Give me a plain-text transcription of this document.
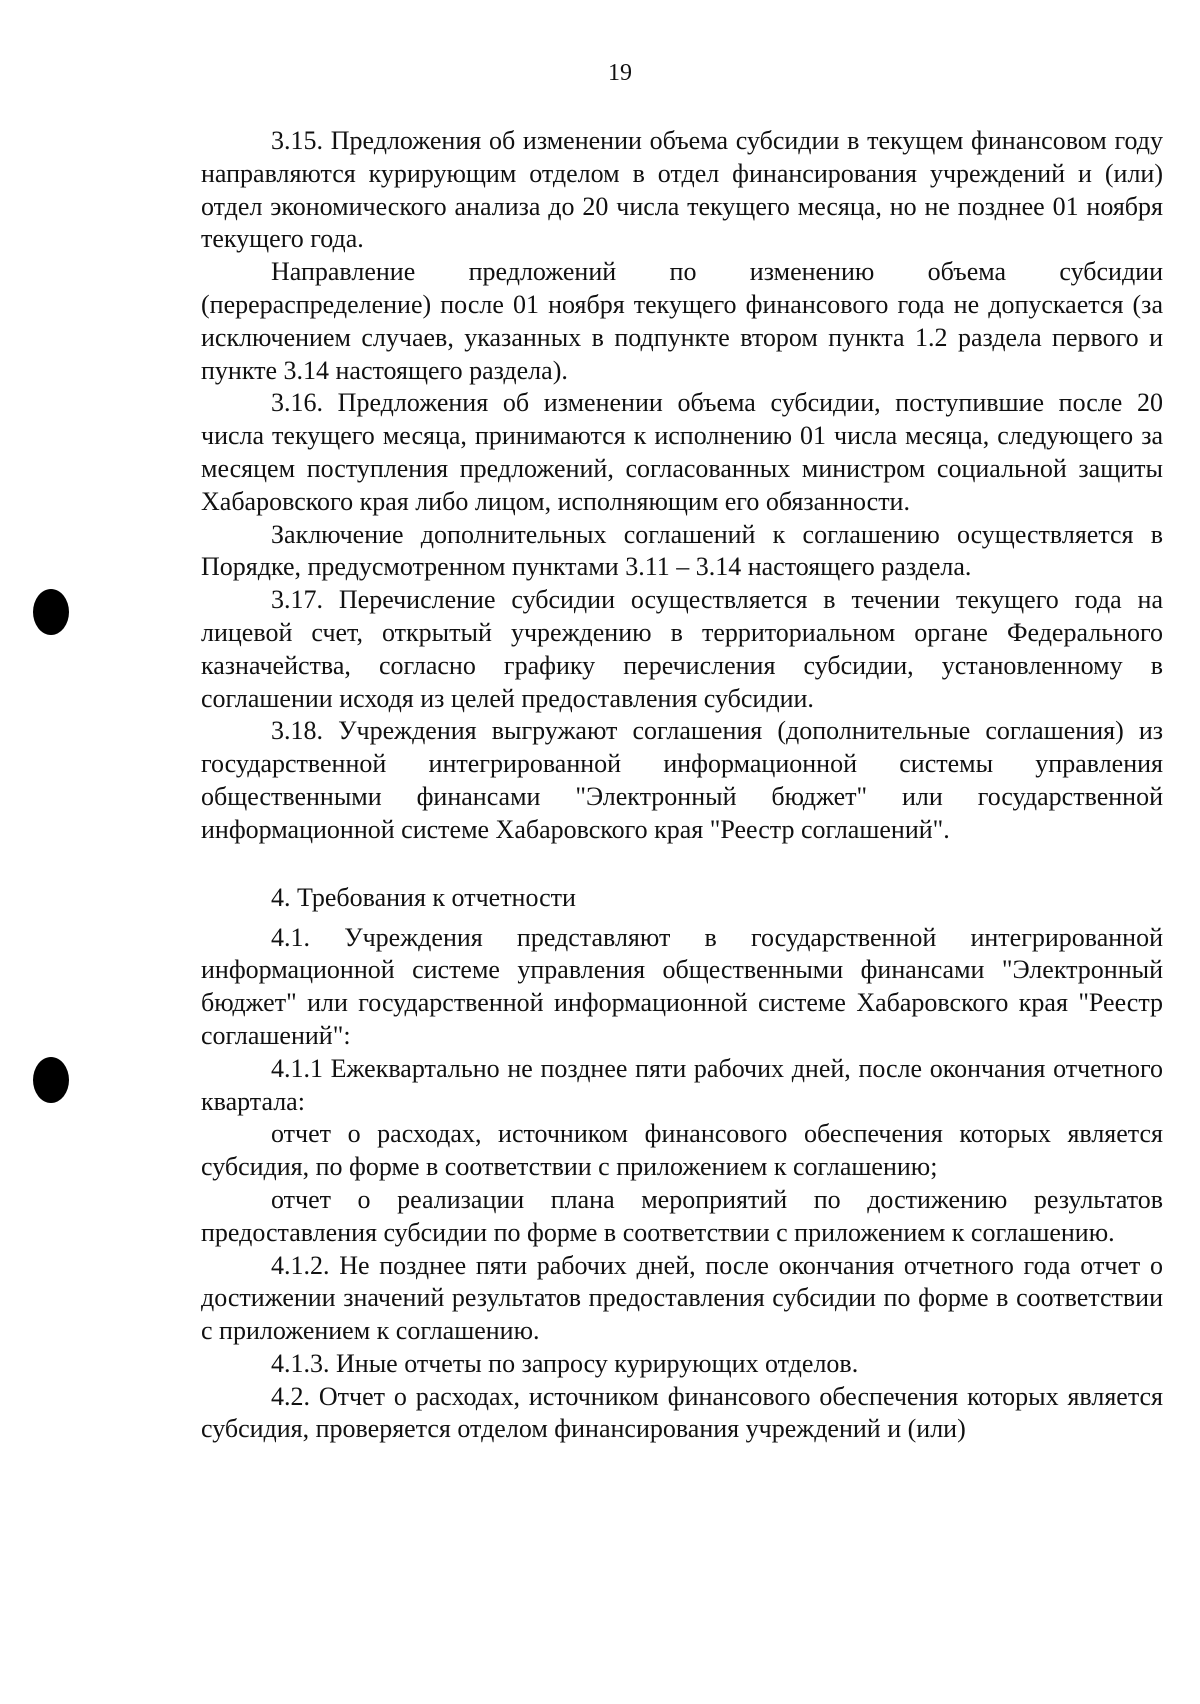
19

3.15. Предложения об изменении объема субсидии в текущем финансовом году направляются курирующим отделом в отдел финансирования учреждений и (или) отдел экономического анализа до 20 числа текущего месяца, но не позднее 01 ноября текущего года.

Направление предложений по изменению объема субсидии (перераспределение) после 01 ноября текущего финансового года не допускается (за исключением случаев, указанных в подпункте втором пункта 1.2 раздела первого и пункте 3.14 настоящего раздела).

3.16. Предложения об изменении объема субсидии, поступившие после 20 числа текущего месяца, принимаются к исполнению 01 числа месяца, следующего за месяцем поступления предложений, согласованных министром социальной защиты Хабаровского края либо лицом, исполняющим его обязанности.

Заключение дополнительных соглашений к соглашению осуществляется в Порядке, предусмотренном пунктами 3.11 – 3.14 настоящего раздела.

3.17. Перечисление субсидии осуществляется в течении текущего года на лицевой счет, открытый учреждению в территориальном органе Федерального казначейства, согласно графику перечисления субсидии, установленному в соглашении исходя из целей предоставления субсидии.

3.18. Учреждения выгружают соглашения (дополнительные соглашения) из государственной интегрированной информационной системы управления общественными финансами "Электронный бюджет" или государственной информационной системе Хабаровского края "Реестр соглашений".

4. Требования к отчетности

4.1. Учреждения представляют в государственной интегрированной информационной системе управления общественными финансами "Электронный бюджет" или государственной информационной системе Хабаровского края "Реестр соглашений":

4.1.1 Ежеквартально не позднее пяти рабочих дней, после окончания отчетного квартала:

отчет о расходах, источником финансового обеспечения которых является субсидия, по форме в соответствии с приложением к соглашению;

отчет о реализации плана мероприятий по достижению результатов предоставления субсидии по форме в соответствии с приложением к соглашению.

4.1.2. Не позднее пяти рабочих дней, после окончания отчетного года отчет о достижении значений результатов предоставления субсидии по форме в соответствии с приложением к соглашению.

4.1.3. Иные отчеты по запросу курирующих отделов.

4.2. Отчет о расходах, источником финансового обеспечения которых является субсидия, проверяется отделом финансирования учреждений и (или)
